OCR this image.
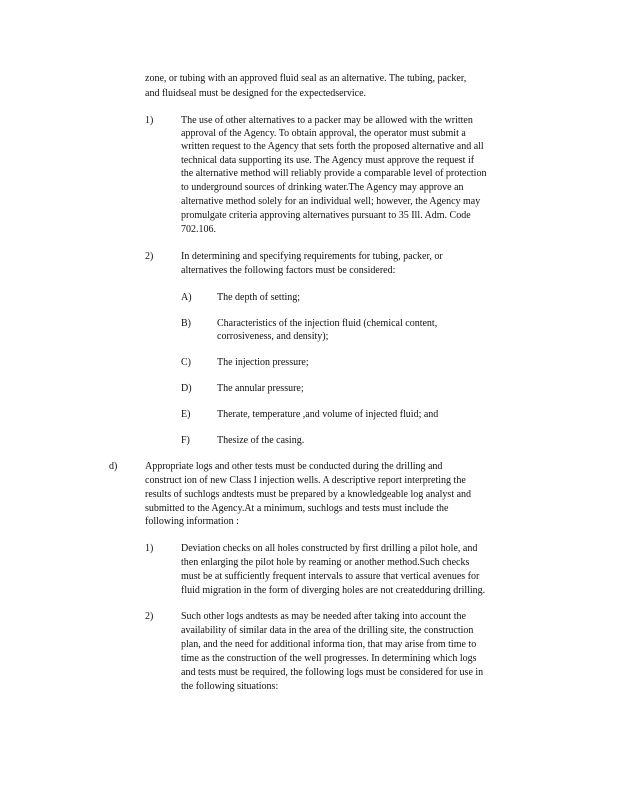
zone, or tubing with an approved fluid seal as an alternative. The tubing, packer,
and fluidseal must be designed for the expectedservice.
1)	The use of other alternatives to a packer may be allowed with the written
approval of the Agency. To obtain approval, the operator must submit a
written request to the Agency that sets forth the proposed alternative and all
technical data supporting its use. The Agency must approve the request if
the alternative method will reliably provide a comparable level of protection
to underground sources of drinking water.The Agency may approve an
alternative method solely for an individual well; however, the Agency may
promulgate criteria approving alternatives pursuant to 35 Ill. Adm. Code
702.106.
2)	In determining and specifying requirements for tubing, packer, or
alternatives the following factors must be considered:
A)	The depth of setting;
B)	Characteristics of the injection fluid (chemical content,
corrosiveness, and density);
C)	The injection pressure;
D)	The annular pressure;
E)	Therate, temperature ,and volume of injected fluid; and
F)	Thesize of the casing.
d)	Appropriate logs and other tests must be conducted during the drilling and
construct ion of new Class I injection wells. A descriptive report interpreting the
results of suchlogs andtests must be prepared by a knowledgeable log analyst and
submitted to the Agency.At a minimum, suchlogs and tests must include the
following information :
1)	Deviation checks on all holes constructed by first drilling a pilot hole, and
then enlarging the pilot hole by reaming or another method.Such checks
must be at sufficiently frequent intervals to assure that vertical avenues for
fluid migration in the form of diverging holes are not createdduring drilling.
2)	Such other logs andtests as may be needed after taking into account the
availability of similar data in the area of the drilling site, the construction
plan, and the need for additional informa tion, that may arise from time to
time as the construction of the well progresses. In determining which logs
and tests must be required, the following logs must be considered for use in
the following situations:
